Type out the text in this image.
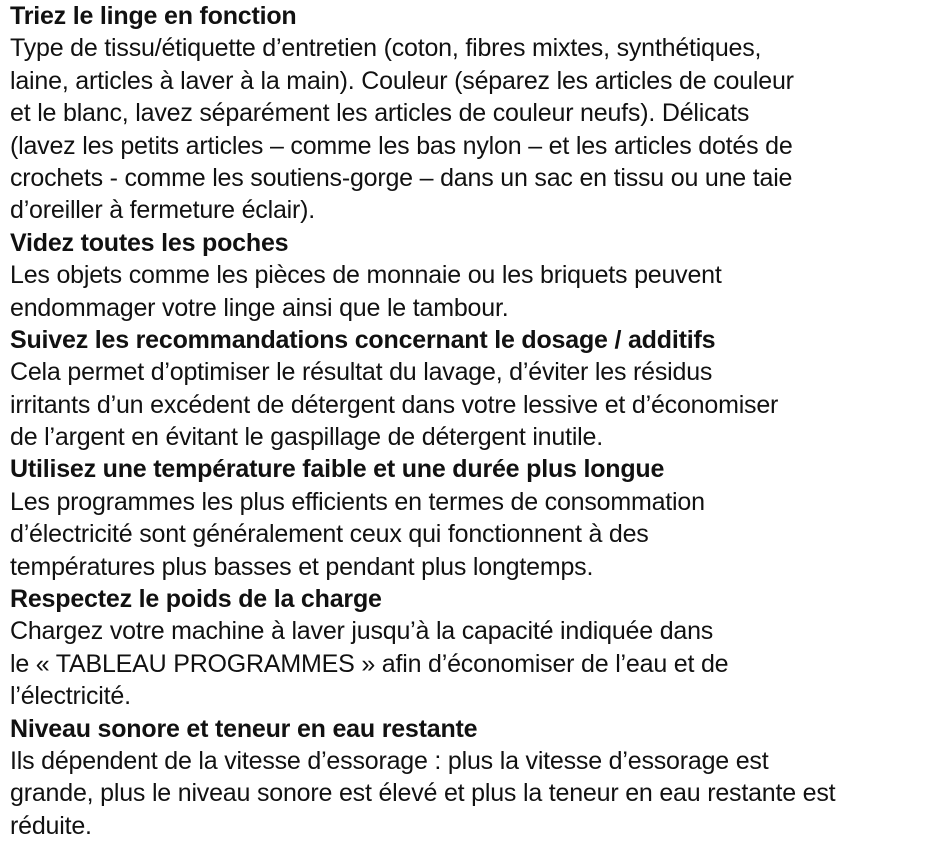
Triez le linge en fonction
Type de tissu/étiquette d’entretien (coton, fibres mixtes, synthétiques,
laine, articles à laver à la main). Couleur (séparez les articles de couleur
et le blanc, lavez séparément les articles de couleur neufs). Délicats
(lavez les petits articles – comme les bas nylon – et les articles dotés de
crochets - comme les soutiens-gorge – dans un sac en tissu ou une taie
d’oreiller à fermeture éclair).
Videz toutes les poches
Les objets comme les pièces de monnaie ou les briquets peuvent
endommager votre linge ainsi que le tambour.
Suivez les recommandations concernant le dosage / additifs
Cela permet d’optimiser le résultat du lavage, d’éviter les résidus
irritants d’un excédent de détergent dans votre lessive et d’économiser
de l’argent en évitant le gaspillage de détergent inutile.
Utilisez une température faible et une durée plus longue
Les programmes les plus efficients en termes de consommation
d’électricité sont généralement ceux qui fonctionnent à des
températures plus basses et pendant plus longtemps.
Respectez le poids de la charge
Chargez votre machine à laver jusqu’à la capacité indiquée dans
le « TABLEAU PROGRAMMES » afin d’économiser de l’eau et de
l’électricité.
Niveau sonore et teneur en eau restante
Ils dépendent de la vitesse d’essorage : plus la vitesse d’essorage est
grande, plus le niveau sonore est élevé et plus la teneur en eau restante est
réduite.
